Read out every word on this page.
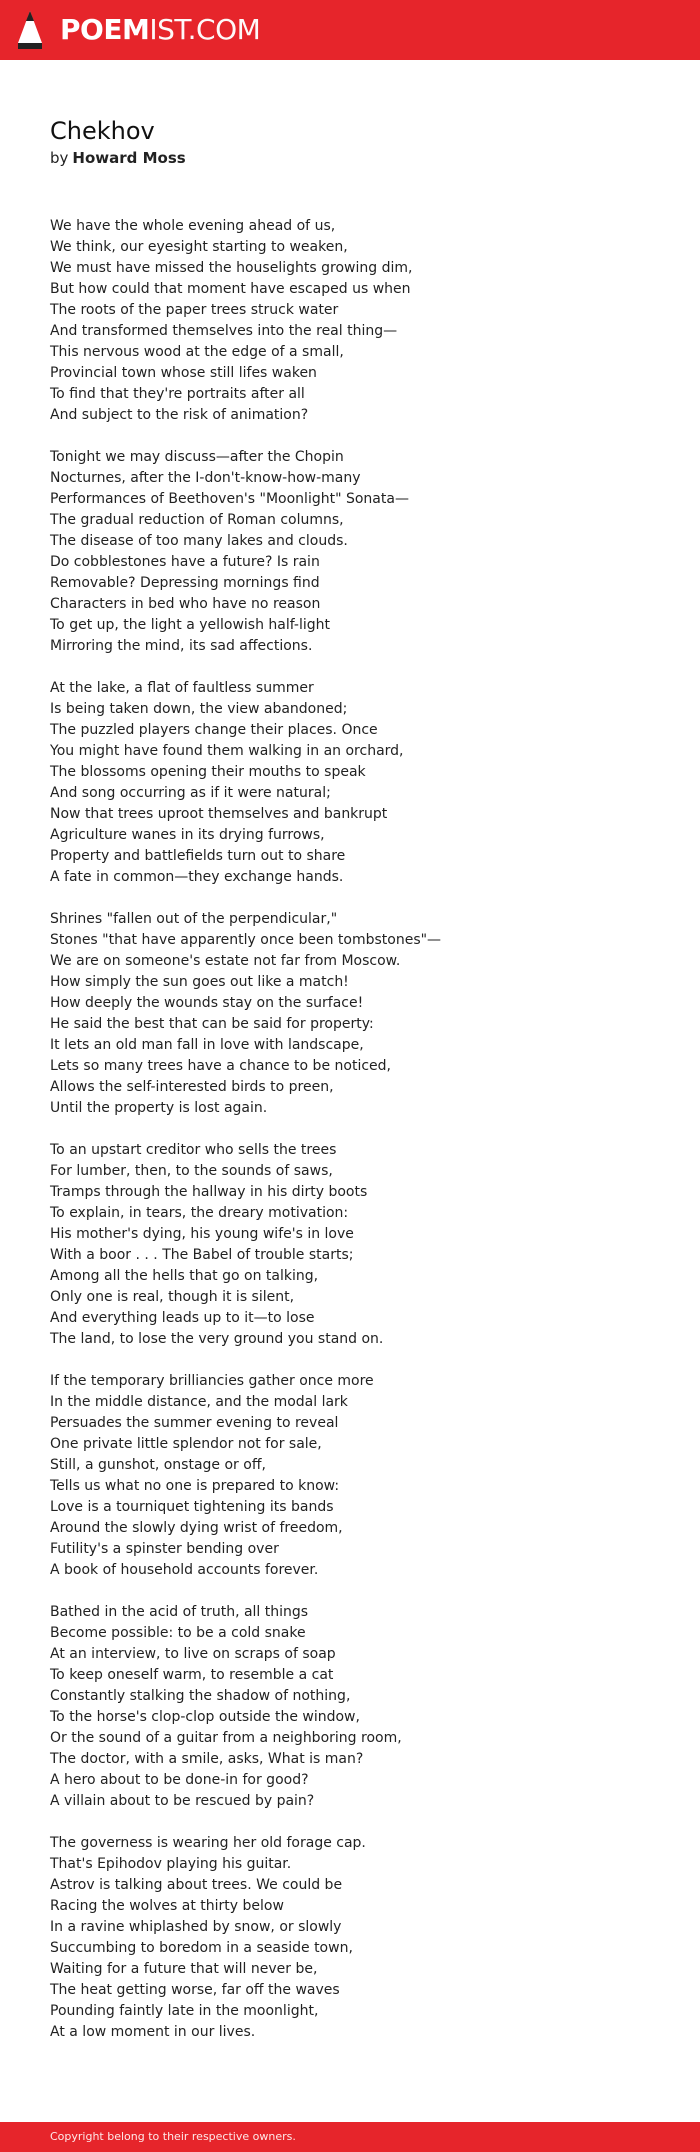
POEMIST.COM
Chekhov
by Howard Moss
We have the whole evening ahead of us,
We think, our eyesight starting to weaken,
We must have missed the houselights growing dim,
But how could that moment have escaped us when
The roots of the paper trees struck water
And transformed themselves into the real thing—
This nervous wood at the edge of a small,
Provincial town whose still lifes waken
To find that they're portraits after all
And subject to the risk of animation?
Tonight we may discuss—after the Chopin
Nocturnes, after the I-don't-know-how-many
Performances of Beethoven's "Moonlight" Sonata—
The gradual reduction of Roman columns,
The disease of too many lakes and clouds.
Do cobblestones have a future? Is rain
Removable? Depressing mornings find
Characters in bed who have no reason
To get up, the light a yellowish half-light
Mirroring the mind, its sad affections.
At the lake, a flat of faultless summer
Is being taken down, the view abandoned;
The puzzled players change their places. Once
You might have found them walking in an orchard,
The blossoms opening their mouths to speak
And song occurring as if it were natural;
Now that trees uproot themselves and bankrupt
Agriculture wanes in its drying furrows,
Property and battlefields turn out to share
A fate in common—they exchange hands.
Shrines "fallen out of the perpendicular,"
Stones "that have apparently once been tombstones"—
We are on someone's estate not far from Moscow.
How simply the sun goes out like a match!
How deeply the wounds stay on the surface!
He said the best that can be said for property:
It lets an old man fall in love with landscape,
Lets so many trees have a chance to be noticed,
Allows the self-interested birds to preen,
Until the property is lost again.
To an upstart creditor who sells the trees
For lumber, then, to the sounds of saws,
Tramps through the hallway in his dirty boots
To explain, in tears, the dreary motivation:
His mother's dying, his young wife's in love
With a boor . . . The Babel of trouble starts;
Among all the hells that go on talking,
Only one is real, though it is silent,
And everything leads up to it—to lose
The land, to lose the very ground you stand on.
If the temporary brilliancies gather once more
In the middle distance, and the modal lark
Persuades the summer evening to reveal
One private little splendor not for sale,
Still, a gunshot, onstage or off,
Tells us what no one is prepared to know:
Love is a tourniquet tightening its bands
Around the slowly dying wrist of freedom,
Futility's a spinster bending over
A book of household accounts forever.
Bathed in the acid of truth, all things
Become possible: to be a cold snake
At an interview, to live on scraps of soap
To keep oneself warm, to resemble a cat
Constantly stalking the shadow of nothing,
To the horse's clop-clop outside the window,
Or the sound of a guitar from a neighboring room,
The doctor, with a smile, asks, What is man?
A hero about to be done-in for good?
A villain about to be rescued by pain?
The governess is wearing her old forage cap.
That's Epihodov playing his guitar.
Astrov is talking about trees. We could be
Racing the wolves at thirty below
In a ravine whiplashed by snow, or slowly
Succumbing to boredom in a seaside town,
Waiting for a future that will never be,
The heat getting worse, far off the waves
Pounding faintly late in the moonlight,
At a low moment in our lives.
Copyright belong to their respective owners.
